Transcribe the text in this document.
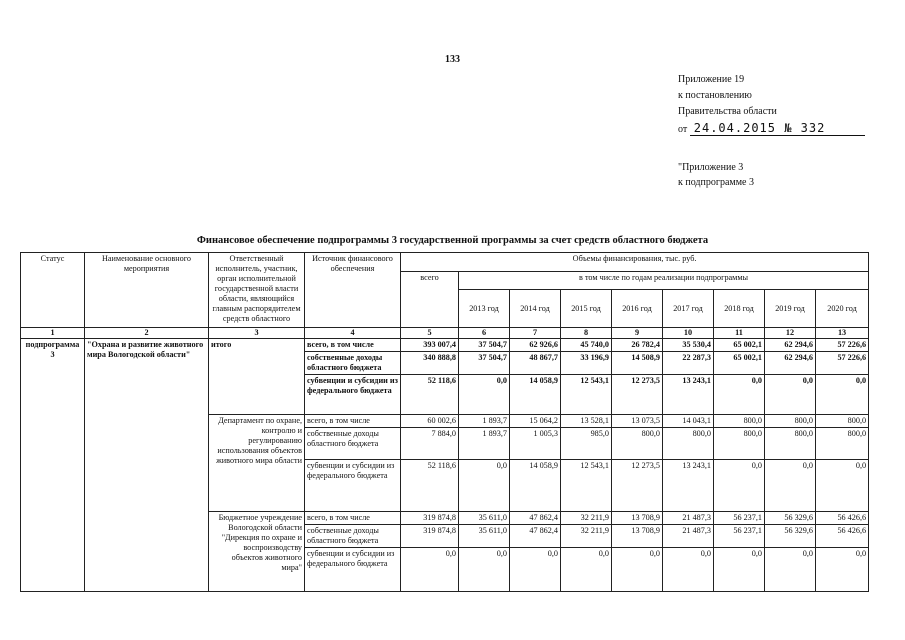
133
Приложение 19
к постановлению
Правительства области
от 24.04.2015 № 332
"Приложение 3
к подпрограмме 3
Финансовое обеспечение подпрограммы 3 государственной программы за счет средств областного бюджета
Статус	Наименование основного мероприятия	Ответственный исполнитель, участник, орган исполнительной государственной власти области, являющийся главным распорядителем средств областного	Источник финансового обеспечения	Объемы финансирования, тыс. руб.								
				всего	в том числе по годам реализации подпрограммы							
					2013 год	2014 год	2015 год	2016 год	2017 год	2018 год	2019 год	2020 год
1	2	3	4	5	6	7	8	9	10	11	12	13
подпрограмма 3	"Охрана и развитие животного мира Вологодской области"	итого	всего, в том числе	393 007,4	37 504,7	62 926,6	45 740,0	26 782,4	35 530,4	65 002,1	62 294,6	57 226,6
			собственные доходы областного бюджета	340 888,8	37 504,7	48 867,7	33 196,9	14 508,9	22 287,3	65 002,1	62 294,6	57 226,6
			субвенции и субсидии из федерального бюджета	52 118,6	0,0	14 058,9	12 543,1	12 273,5	13 243,1	0,0	0,0	0,0
		Департамент по охране, контролю и регулированию использования объектов животного мира области	всего, в том числе	60 002,6	1 893,7	15 064,2	13 528,1	13 073,5	14 043,1	800,0	800,0	800,0
			собственные доходы областного бюджета	7 884,0	1 893,7	1 005,3	985,0	800,0	800,0	800,0	800,0	800,0
			субвенции и субсидии из федерального бюджета	52 118,6	0,0	14 058,9	12 543,1	12 273,5	13 243,1	0,0	0,0	0,0
		Бюджетное учреждение Вологодской области "Дирекция по охране и воспроизводству объектов животного мира"	всего, в том числе	319 874,8	35 611,0	47 862,4	32 211,9	13 708,9	21 487,3	56 237,1	56 329,6	56 426,6
			собственные доходы областного бюджета	319 874,8	35 611,0	47 862,4	32 211,9	13 708,9	21 487,3	56 237,1	56 329,6	56 426,6
			субвенции и субсидии из федерального бюджета	0,0	0,0	0,0	0,0	0,0	0,0	0,0	0,0	0,0
